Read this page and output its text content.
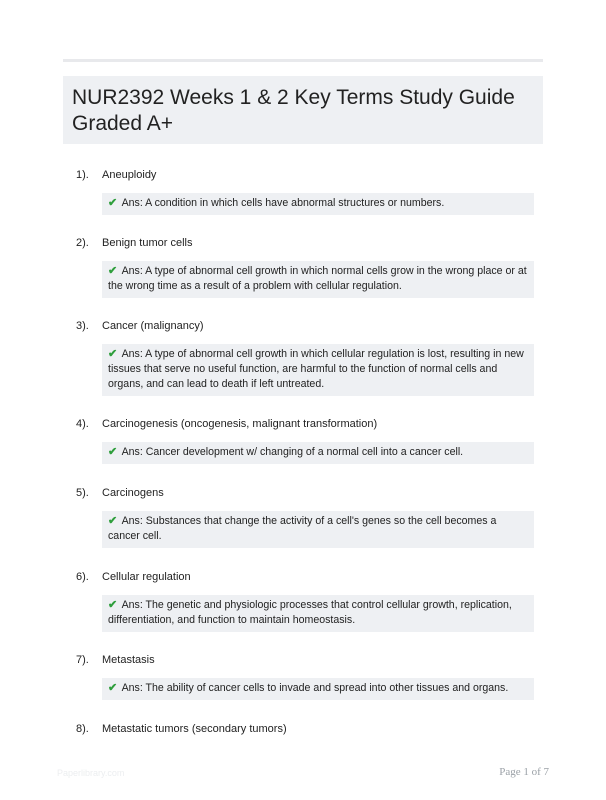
NUR2392 Weeks 1 & 2 Key Terms Study Guide Graded A+
1). Aneuploidy
✔ Ans: A condition in which cells have abnormal structures or numbers.
2). Benign tumor cells
✔ Ans: A type of abnormal cell growth in which normal cells grow in the wrong place or at the wrong time as a result of a problem with cellular regulation.
3). Cancer (malignancy)
✔ Ans: A type of abnormal cell growth in which cellular regulation is lost, resulting in new tissues that serve no useful function, are harmful to the function of normal cells and organs, and can lead to death if left untreated.
4). Carcinogenesis (oncogenesis, malignant transformation)
✔ Ans: Cancer development w/ changing of a normal cell into a cancer cell.
5). Carcinogens
✔ Ans: Substances that change the activity of a cell's genes so the cell becomes a cancer cell.
6). Cellular regulation
✔ Ans: The genetic and physiologic processes that control cellular growth, replication, differentiation, and function to maintain homeostasis.
7). Metastasis
✔ Ans: The ability of cancer cells to invade and spread into other tissues and organs.
8). Metastatic tumors (secondary tumors)
Paperlibrary.com	Page 1 of 7
